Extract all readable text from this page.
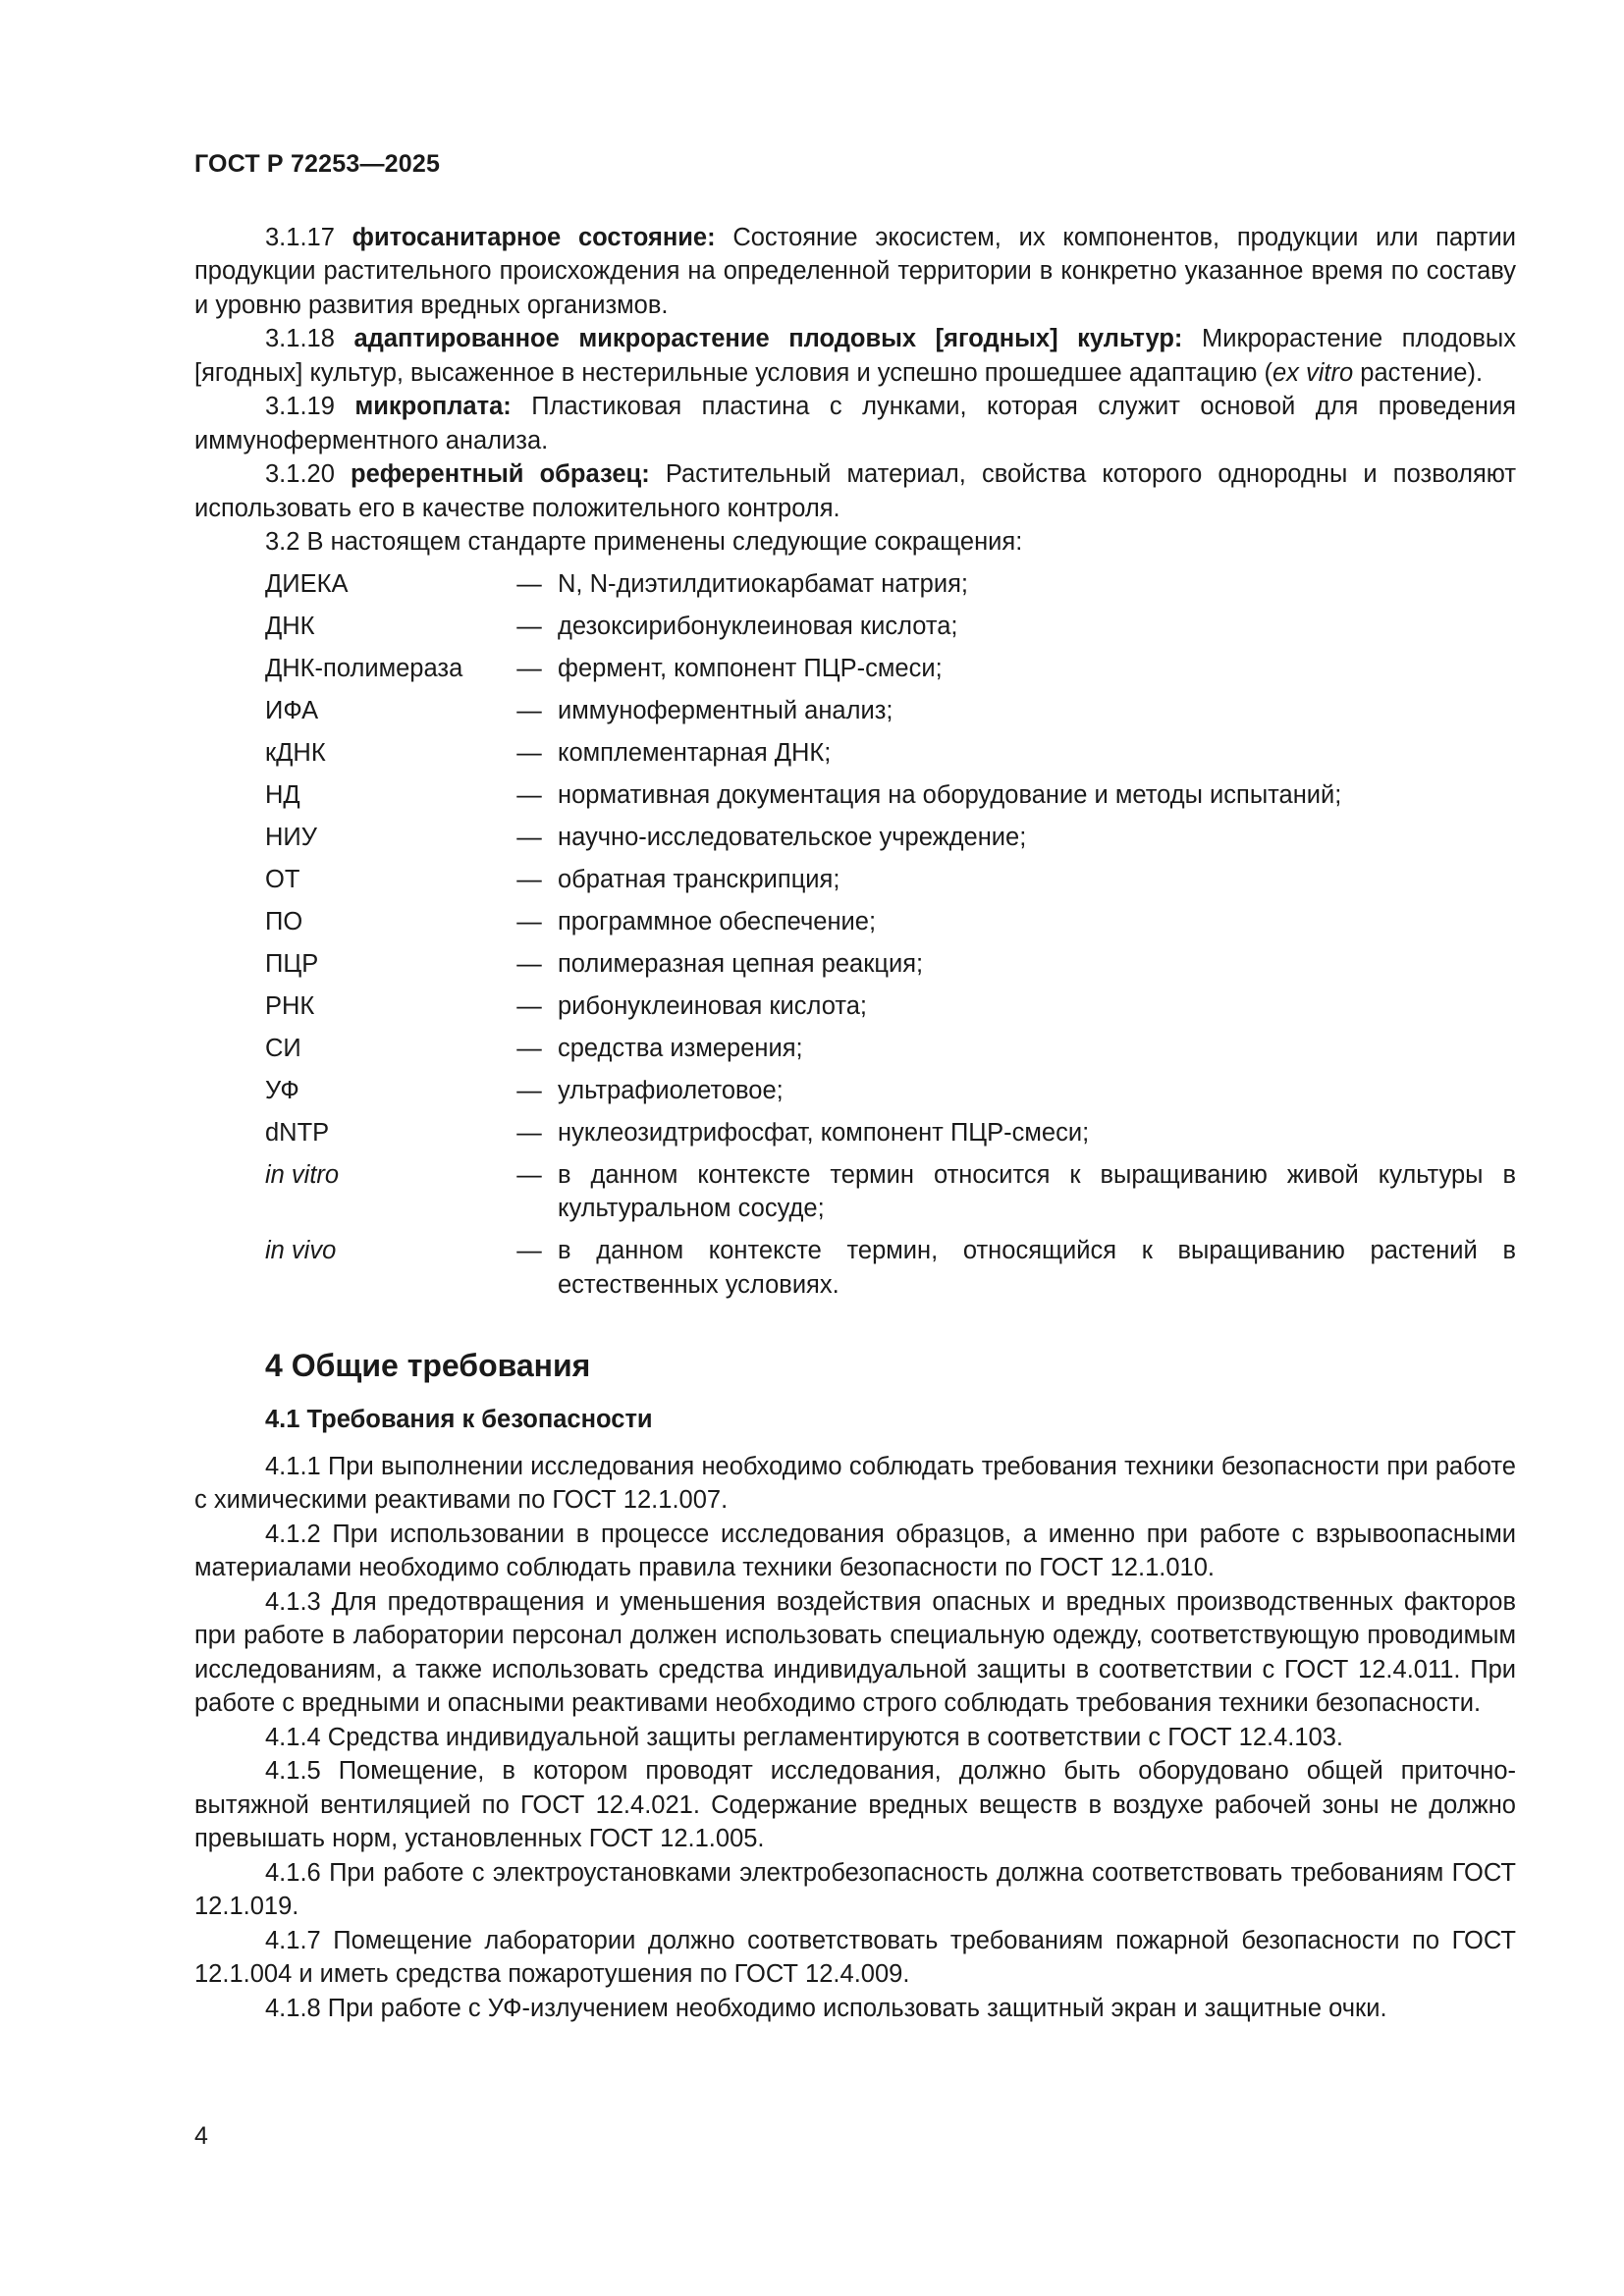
ГОСТ Р 72253—2025

3.1.17 фитосанитарное состояние: Состояние экосистем, их компонентов, продукции или партии продукции растительного происхождения на определенной территории в конкретно указанное время по составу и уровню развития вредных организмов.

3.1.18 адаптированное микрорастение плодовых [ягодных] культур: Микрорастение плодовых [ягодных] культур, высаженное в нестерильные условия и успешно прошедшее адаптацию (ex vitro растение).

3.1.19 микроплата: Пластиковая пластина с лунками, которая служит основой для проведения иммуноферментного анализа.

3.1.20 референтный образец: Растительный материал, свойства которого однородны и позволяют использовать его в качестве положительного контроля.

3.2 В настоящем стандарте применены следующие сокращения:

ДИЕКА	—	N, N-диэтилдитиокарбамат натрия;
ДНК	—	дезоксирибонуклеиновая кислота;
ДНК-полимераза	—	фермент, компонент ПЦР-смеси;
ИФА	—	иммуноферментный анализ;
кДНК	—	комплементарная ДНК;
НД	—	нормативная документация на оборудование и методы испытаний;
НИУ	—	научно-исследовательское учреждение;
ОТ	—	обратная транскрипция;
ПО	—	программное обеспечение;
ПЦР	—	полимеразная цепная реакция;
РНК	—	рибонуклеиновая кислота;
СИ	—	средства измерения;
УФ	—	ультрафиолетовое;
dNTP	—	нуклеозидтрифосфат, компонент ПЦР-смеси;
in vitro	—	в данном контексте термин относится к выращиванию живой культуры в культуральном сосуде;
in vivo	—	в данном контексте термин, относящийся к выращиванию растений в естественных условиях.
4 Общие требования
4.1 Требования к безопасности

4.1.1 При выполнении исследования необходимо соблюдать требования техники безопасности при работе с химическими реактивами по ГОСТ 12.1.007.

4.1.2 При использовании в процессе исследования образцов, а именно при работе с взрывоопасными материалами необходимо соблюдать правила техники безопасности по ГОСТ 12.1.010.

4.1.3 Для предотвращения и уменьшения воздействия опасных и вредных производственных факторов при работе в лаборатории персонал должен использовать специальную одежду, соответствующую проводимым исследованиям, а также использовать средства индивидуальной защиты в соответствии с ГОСТ 12.4.011. При работе с вредными и опасными реактивами необходимо строго соблюдать требования техники безопасности.

4.1.4 Средства индивидуальной защиты регламентируются в соответствии с ГОСТ 12.4.103.

4.1.5 Помещение, в котором проводят исследования, должно быть оборудовано общей приточно-вытяжной вентиляцией по ГОСТ 12.4.021. Содержание вредных веществ в воздухе рабочей зоны не должно превышать норм, установленных ГОСТ 12.1.005.

4.1.6 При работе с электроустановками электробезопасность должна соответствовать требованиям ГОСТ 12.1.019.

4.1.7 Помещение лаборатории должно соответствовать требованиям пожарной безопасности по ГОСТ 12.1.004 и иметь средства пожаротушения по ГОСТ 12.4.009.

4.1.8 При работе с УФ-излучением необходимо использовать защитный экран и защитные очки.

4
